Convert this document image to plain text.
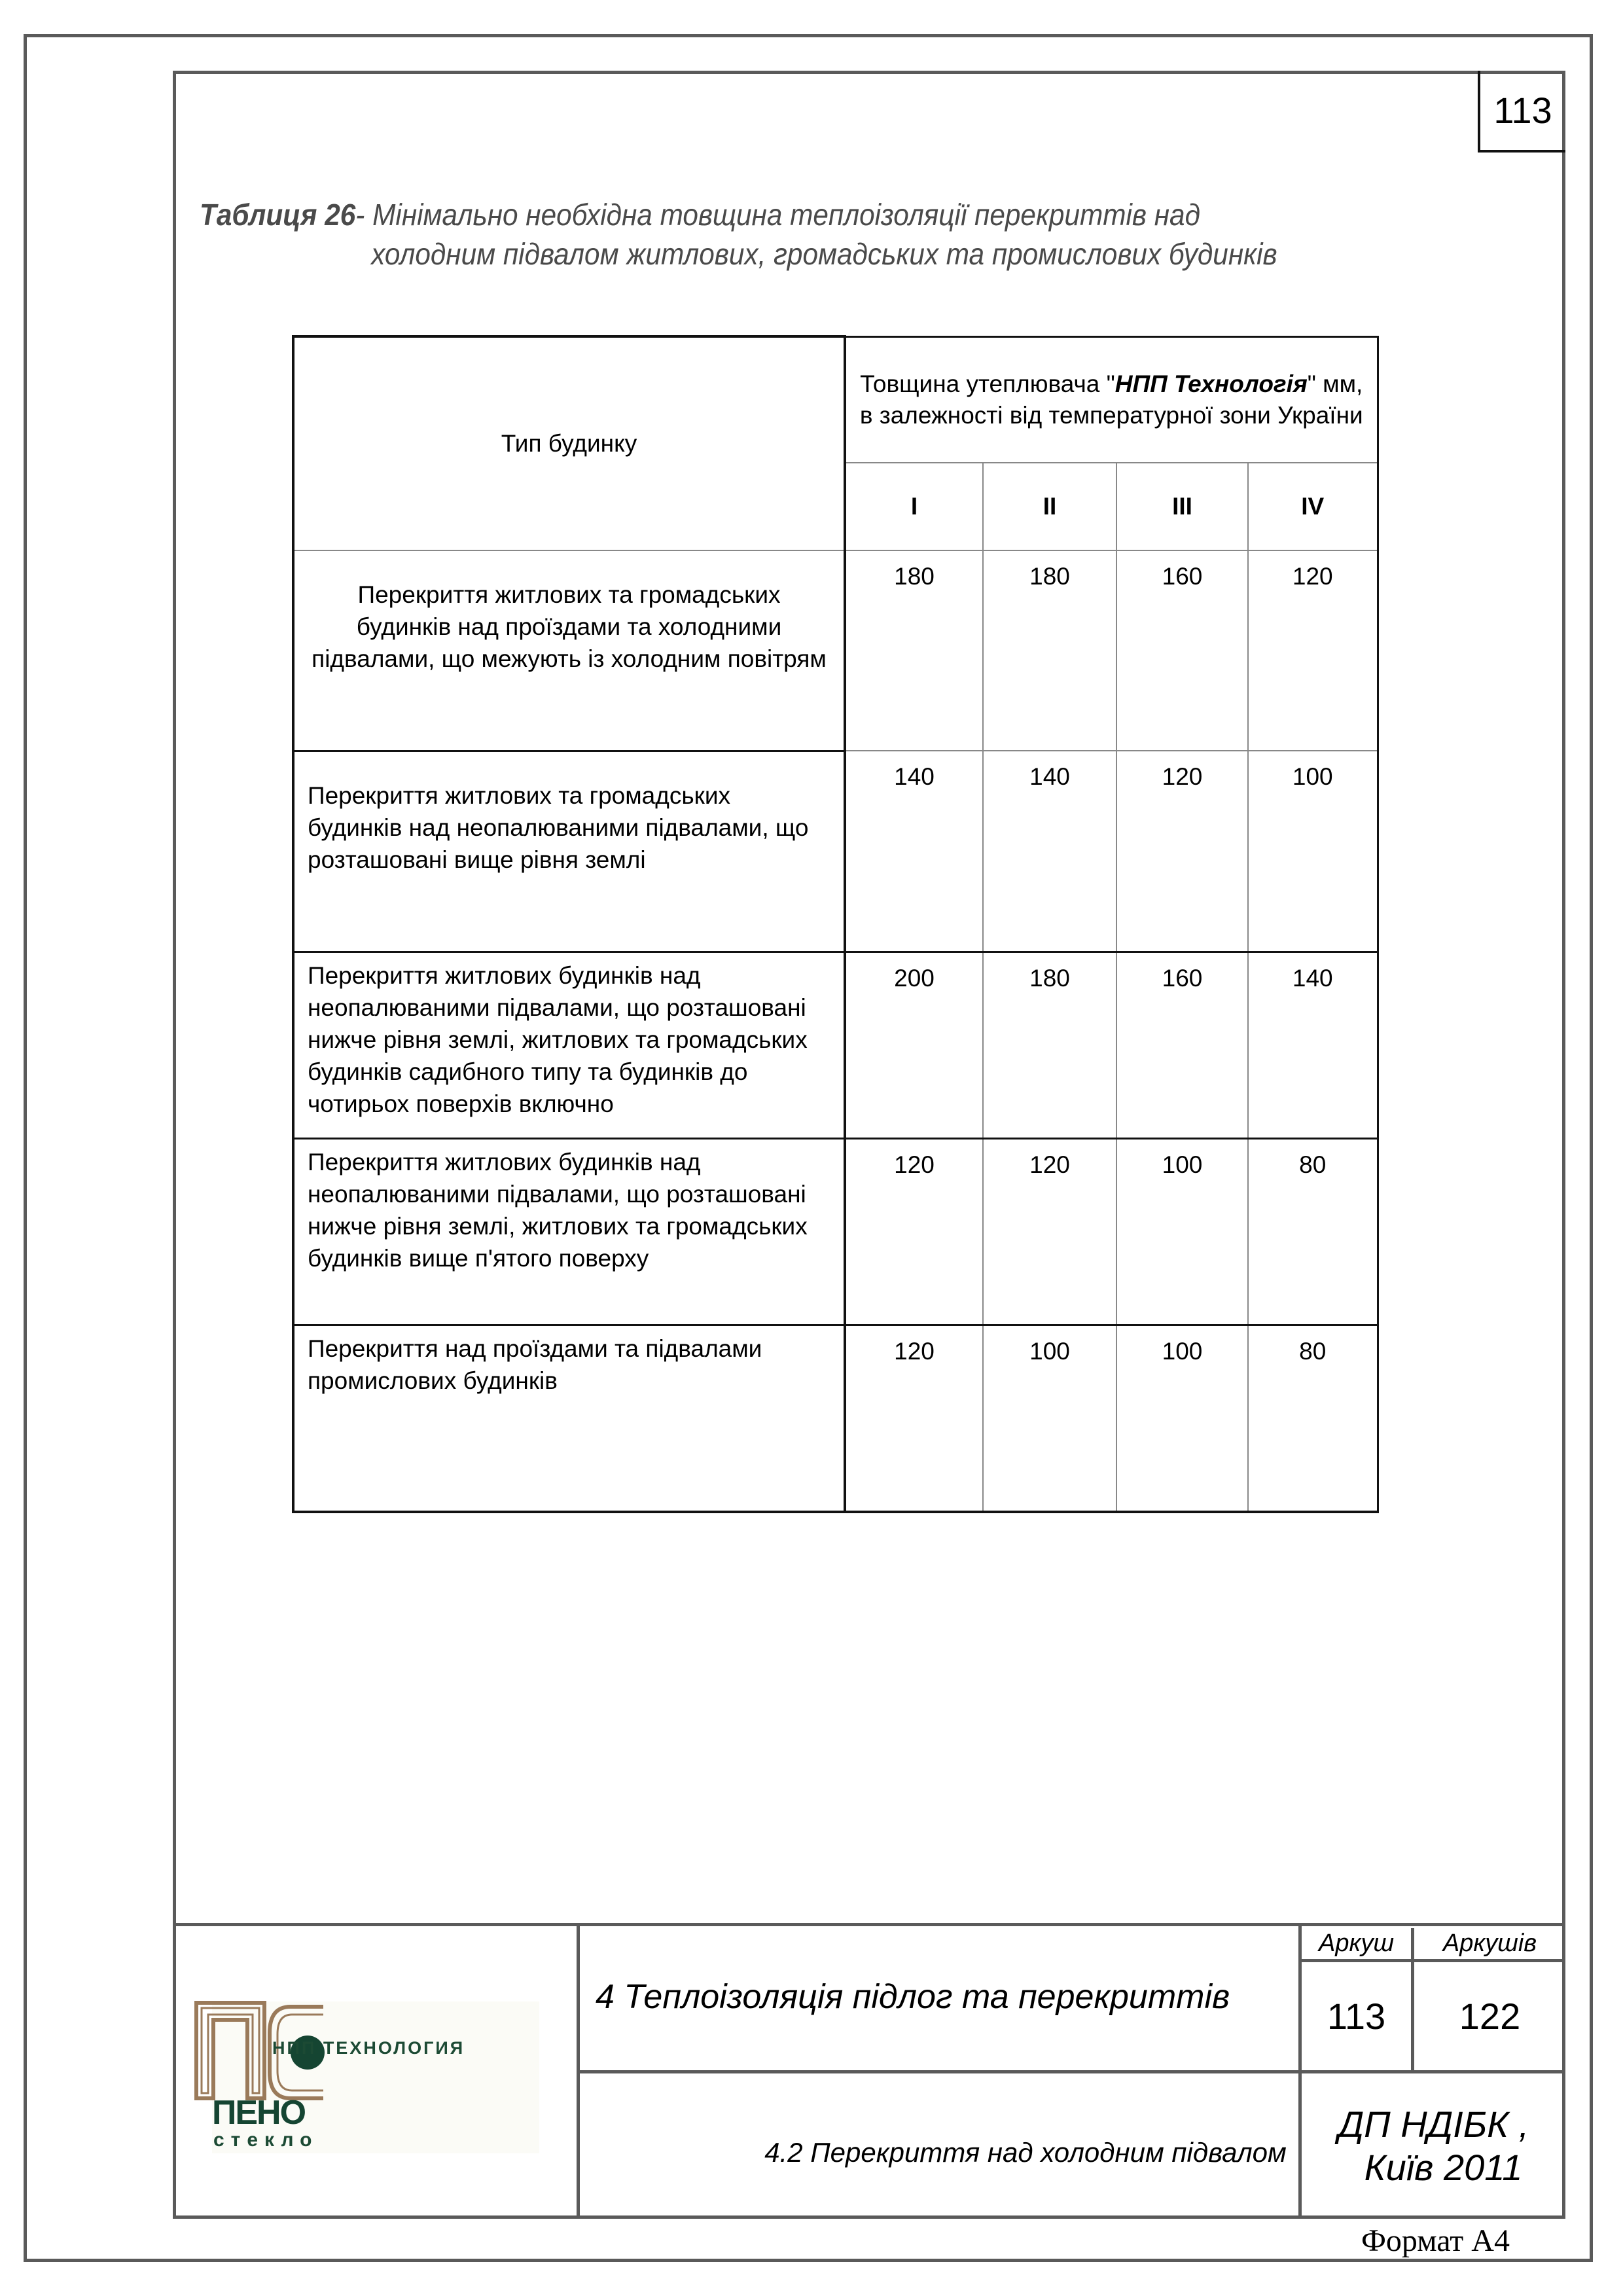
113
Таблиця 26- Мінімально необхідна товщина теплоізоляції перекриттів над
холодним підвалом житлових, громадських та промислових будинків
Тип будинку	Товщина утеплювача "НПП Технологія" мм,
в залежності від температурної зони України			
	I	II	III	IV
Перекриття житлових та громадських будинків над проїздами та холодними підвалами, що межують із холодним повітрям	180	180	160	120
Перекриття житлових та громадських будинків над неопалюваними підвалами, що розташовані вище рівня землі	140	140	120	100
Перекриття житлових будинків над неопалюваними підвалами, що розташовані нижче рівня землі, житлових та громадських будинків садибного типу та будинків до чотирьох поверхів включно	200	180	160	140
Перекриття житлових будинків над неопалюваними підвалами, що розташовані нижче рівня землі, житлових та громадських будинків вище п'ятого поверху	120	120	100	80
Перекриття над проїздами та підвалами промислових будинків	120	100	100	80
НПП ТЕХНОЛОГИЯ
ПЕНО
стекло
4 Теплоізоляція підлог та перекриттів
4.2 Перекриття над холодним підвалом
Аркуш	Аркушів
113	122
ДП НДІБК ,
Київ 2011
Формат А4
